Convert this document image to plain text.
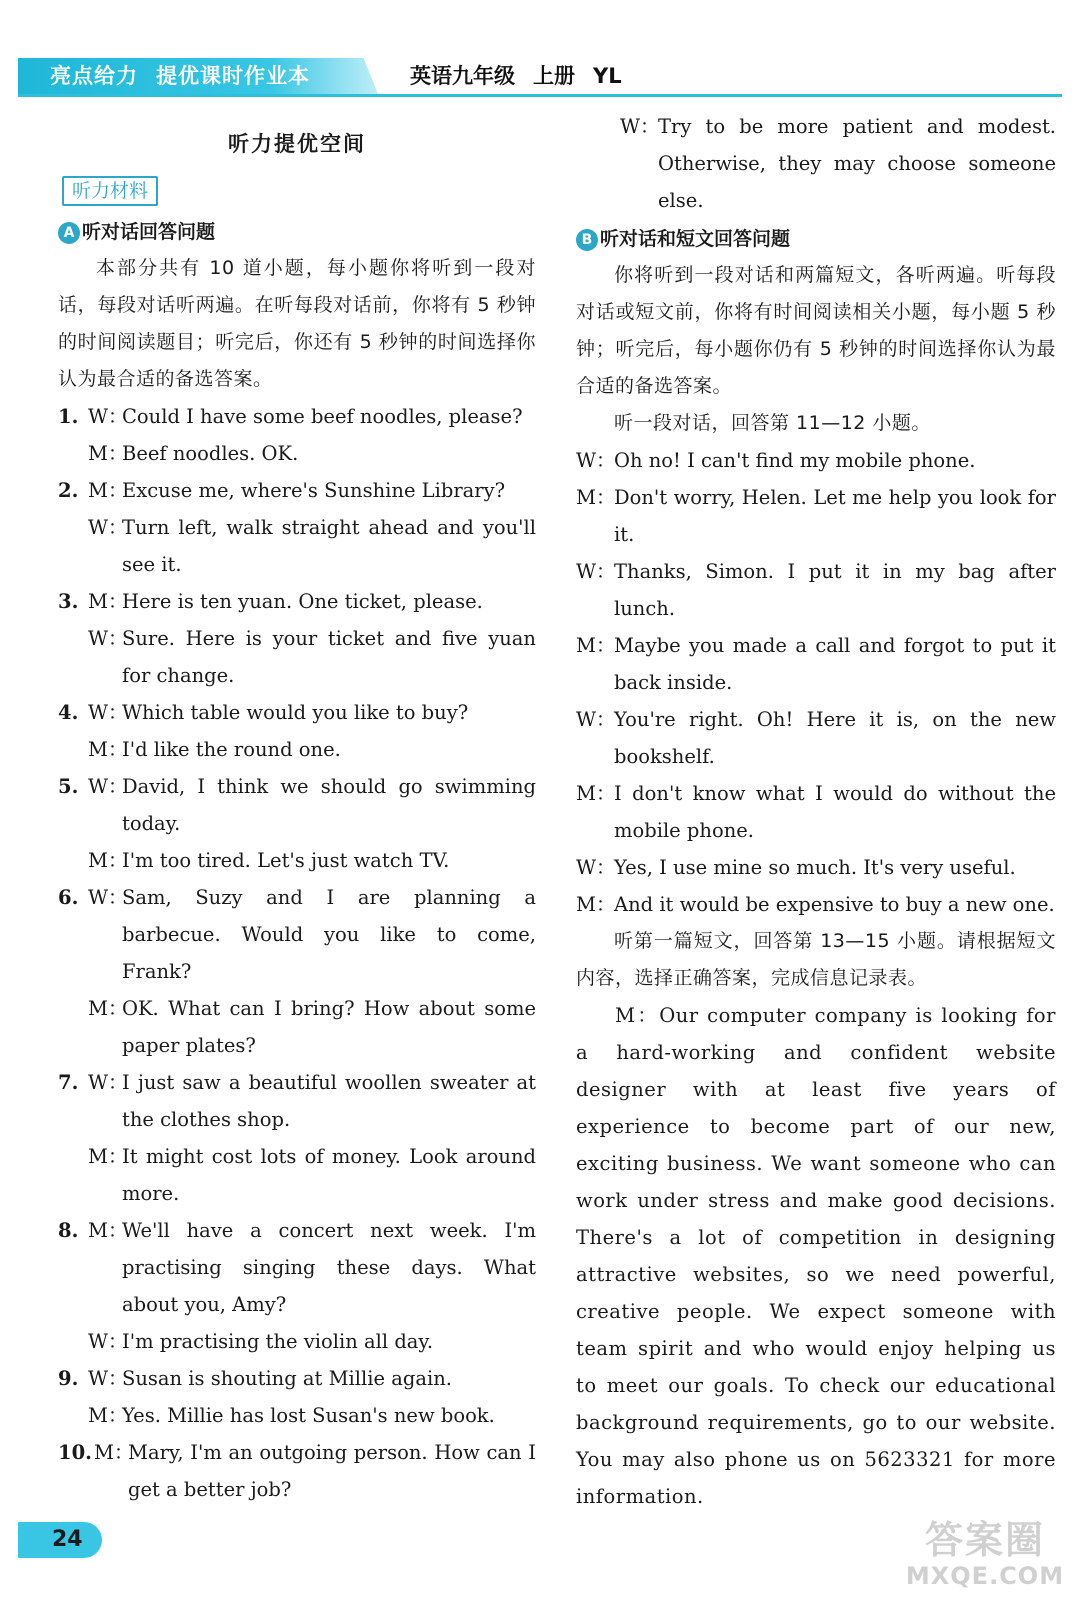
亮点给力 提优课时作业本	英语九年级 上册 YL
听力提优空间
听力材料
A 听对话回答问题
本部分共有 10 道小题，每小题你将听到一段对话，每段对话听两遍。在听每段对话前，你将有 5 秒钟的时间阅读题目；听完后，你还有 5 秒钟的时间选择你认为最合适的备选答案。
1. W：
Could I have some beef noodles, please?
M：
Beef noodles. OK.
2. M：
Excuse me, where's Sunshine Library?
W：
Turn left, walk straight ahead and you'll see it.
3. M：
Here is ten yuan. One ticket, please.
W：
Sure. Here is your ticket and five yuan for change.
4. W：
Which table would you like to buy?
M：
I'd like the round one.
5. W：
David, I think we should go swimming today.
M：
I'm too tired. Let's just watch TV.
6. W：
Sam, Suzy and I are planning a barbecue. Would you like to come, Frank?
M：
OK. What can I bring? How about some paper plates?
7. W：
I just saw a beautiful woollen sweater at the clothes shop.
M：
It might cost lots of money. Look around more.
8. M：
We'll have a concert next week. I'm practising singing these days. What about you, Amy?
W：
I'm practising the violin all day.
9. W：
Susan is shouting at Millie again.
M：
Yes. Millie has lost Susan's new book.
10. M：
Mary, I'm an outgoing person. How can I get a better job?
W：
Try to be more patient and modest. Otherwise, they may choose someone else.
B 听对话和短文回答问题
你将听到一段对话和两篇短文，各听两遍。听每段对话或短文前，你将有时间阅读相关小题，每小题 5 秒钟；听完后，每小题你仍有 5 秒钟的时间选择你认为最合适的备选答案。
听一段对话，回答第 11—12 小题。
W：
Oh no! I can't find my mobile phone.
M：
Don't worry, Helen. Let me help you look for it.
W：
Thanks, Simon. I put it in my bag after lunch.
M：
Maybe you made a call and forgot to put it back inside.
W：
You're right. Oh! Here it is, on the new bookshelf.
M：
I don't know what I would do without the mobile phone.
W：
Yes, I use mine so much. It's very useful.
M：
And it would be expensive to buy a new one.
听第一篇短文，回答第 13—15 小题。请根据短文内容，选择正确答案，完成信息记录表。
M：Our computer company is looking for a hard-working and confident website designer with at least five years of experience to become part of our new, exciting business. We want someone who can work under stress and make good decisions. There's a lot of competition in designing attractive websites, so we need powerful, creative people. We expect someone with team spirit and who would enjoy helping us to meet our goals. To check our educational background requirements, go to our website. You may also phone us on 5623321 for more information.
24	答案圈
MXQE.COM
